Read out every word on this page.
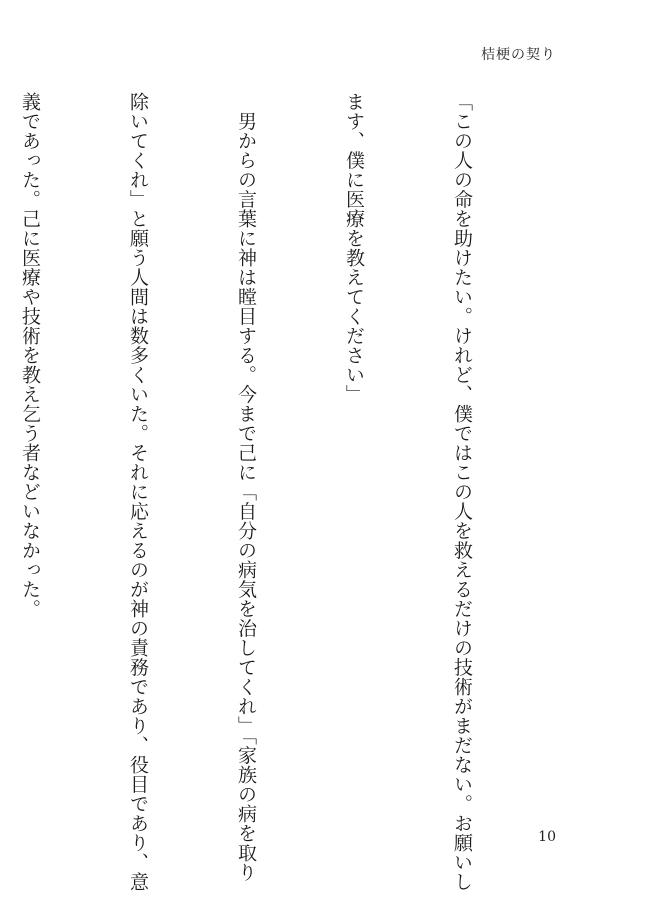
桔梗の契り

「この人の命を助けたい。けれど、僕ではこの人を救えるだけの技術がまだない。お願いし

ます、僕に医療を教えてください」

　男からの言葉に神は瞠目する。今まで己に「自分の病気を治してくれ」「家族の病を取り

除いてくれ」と願う人間は数多くいた。それに応えるのが神の責務であり、役目であり、意

義であった。己に医療や技術を教え乞う者などいなかった。

10
